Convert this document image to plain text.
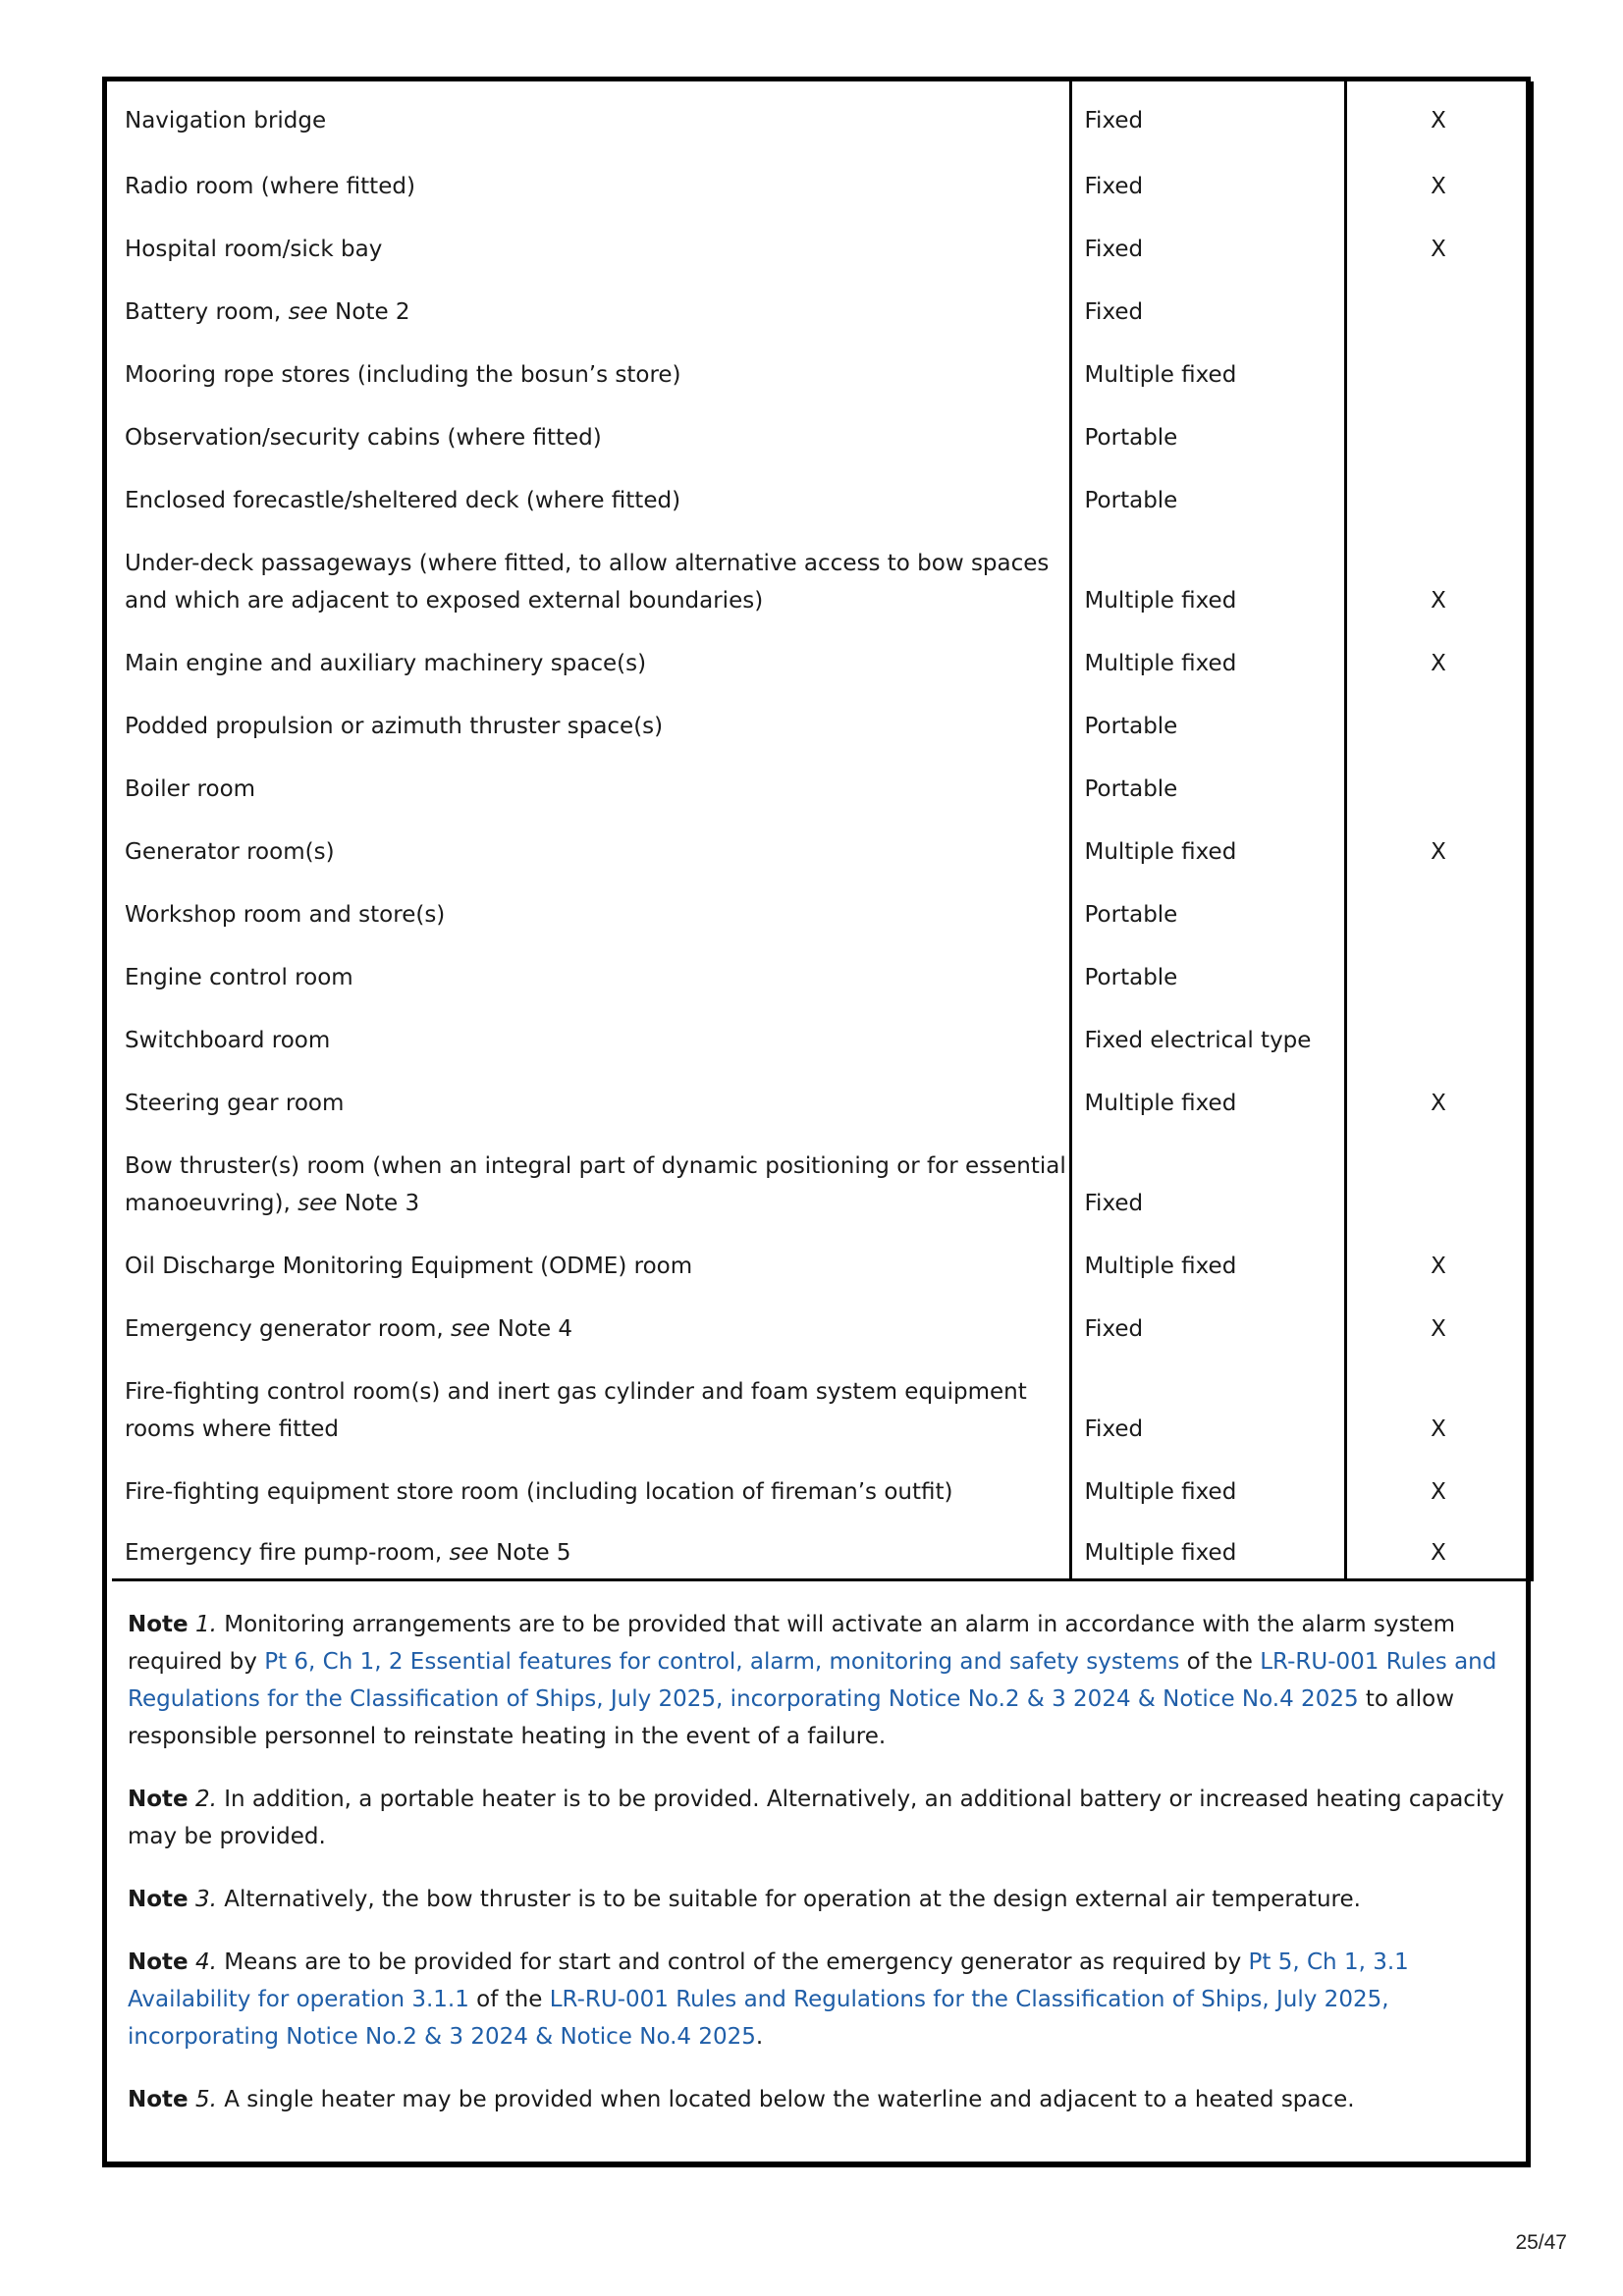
Navigation bridge	Fixed	X
Radio room (where fitted)	Fixed	X
Hospital room/sick bay	Fixed	X
Battery room, see Note 2	Fixed	
Mooring rope stores (including the bosun’s store)	Multiple fixed	
Observation/security cabins (where fitted)	Portable	
Enclosed forecastle/sheltered deck (where fitted)	Portable	
Under-deck passageways (where fitted, to allow alternative access to bow spaces and which are adjacent to exposed external boundaries)	Multiple fixed	X
Main engine and auxiliary machinery space(s)	Multiple fixed	X
Podded propulsion or azimuth thruster space(s)	Portable	
Boiler room	Portable	
Generator room(s)	Multiple fixed	X
Workshop room and store(s)	Portable	
Engine control room	Portable	
Switchboard room	Fixed electrical type	
Steering gear room	Multiple fixed	X
Bow thruster(s) room (when an integral part of dynamic positioning or for essential manoeuvring), see Note 3	Fixed	
Oil Discharge Monitoring Equipment (ODME) room	Multiple fixed	X
Emergency generator room, see Note 4	Fixed	X
Fire-fighting control room(s) and inert gas cylinder and foam system equipment rooms where fitted	Fixed	X
Fire-fighting equipment store room (including location of fireman’s outfit)	Multiple fixed	X
Emergency fire pump-room, see Note 5	Multiple fixed	X

Note 1. Monitoring arrangements are to be provided that will activate an alarm in accordance with the alarm system required by Pt 6, Ch 1, 2 Essential features for control, alarm, monitoring and safety systems of the LR-RU-001 Rules and Regulations for the Classification of Ships, July 2025, incorporating Notice No.2 & 3 2024 & Notice No.4 2025 to allow responsible personnel to reinstate heating in the event of a failure.

Note 2. In addition, a portable heater is to be provided. Alternatively, an additional battery or increased heating capacity may be provided.

Note 3. Alternatively, the bow thruster is to be suitable for operation at the design external air temperature.

Note 4. Means are to be provided for start and control of the emergency generator as required by Pt 5, Ch 1, 3.1 Availability for operation 3.1.1 of the LR-RU-001 Rules and Regulations for the Classification of Ships, July 2025, incorporating Notice No.2 & 3 2024 & Notice No.4 2025.

Note 5. A single heater may be provided when located below the waterline and adjacent to a heated space.

25/47
